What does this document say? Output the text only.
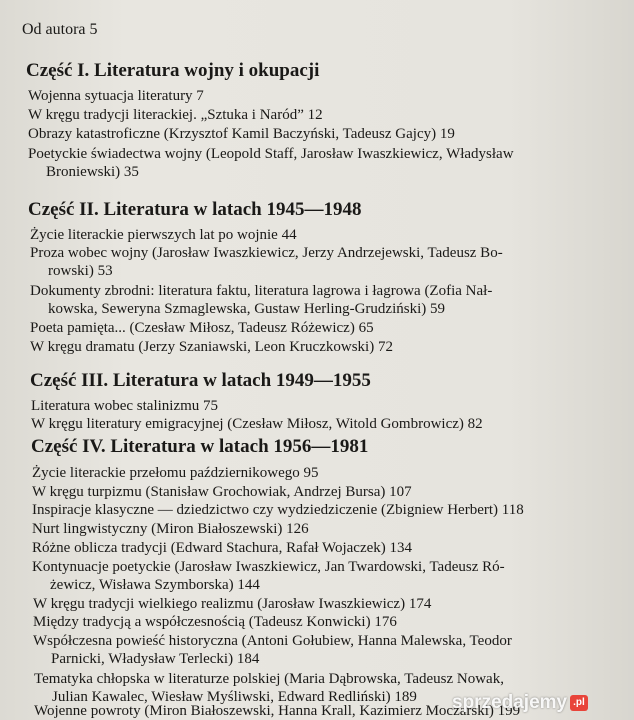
Od autora 5
Część I. Literatura wojny i okupacji
Wojenna sytuacja literatury 7
W kręgu tradycji literackiej. „Sztuka i Naród” 12
Obrazy katastroficzne (Krzysztof Kamil Baczyński, Tadeusz Gajcy) 19
Poetyckie świadectwa wojny (Leopold Staff, Jarosław Iwaszkiewicz, Władysław
Broniewski) 35
Część II. Literatura w latach 1945—1948
Życie literackie pierwszych lat po wojnie 44
Proza wobec wojny (Jarosław Iwaszkiewicz, Jerzy Andrzejewski, Tadeusz Bo-
rowski) 53
Dokumenty zbrodni: literatura faktu, literatura lagrowa i łagrowa (Zofia Nał-
kowska, Seweryna Szmaglewska, Gustaw Herling-Grudziński) 59
Poeta pamięta... (Czesław Miłosz, Tadeusz Różewicz) 65
W kręgu dramatu (Jerzy Szaniawski, Leon Kruczkowski) 72
Część III. Literatura w latach 1949—1955
Literatura wobec stalinizmu 75
W kręgu literatury emigracyjnej (Czesław Miłosz, Witold Gombrowicz) 82
Część IV. Literatura w latach 1956—1981
Życie literackie przełomu październikowego 95
W kręgu turpizmu (Stanisław Grochowiak, Andrzej Bursa) 107
Inspiracje klasyczne — dziedzictwo czy wydziedziczenie (Zbigniew Herbert) 118
Nurt lingwistyczny (Miron Białoszewski) 126
Różne oblicza tradycji (Edward Stachura, Rafał Wojaczek) 134
Kontynuacje poetyckie (Jarosław Iwaszkiewicz, Jan Twardowski, Tadeusz Ró-
żewicz, Wisława Szymborska) 144
W kręgu tradycji wielkiego realizmu (Jarosław Iwaszkiewicz) 174
Między tradycją a współczesnością (Tadeusz Konwicki) 176
Współczesna powieść historyczna (Antoni Gołubiew, Hanna Malewska, Teodor
Parnicki, Władysław Terlecki) 184
Tematyka chłopska w literaturze polskiej (Maria Dąbrowska, Tadeusz Nowak,
Julian Kawalec, Wiesław Myśliwski, Edward Redliński) 189
Wojenne powroty (Miron Białoszewski, Hanna Krall, Kazimierz Moczarski) 199
sprzedajemy .pl
